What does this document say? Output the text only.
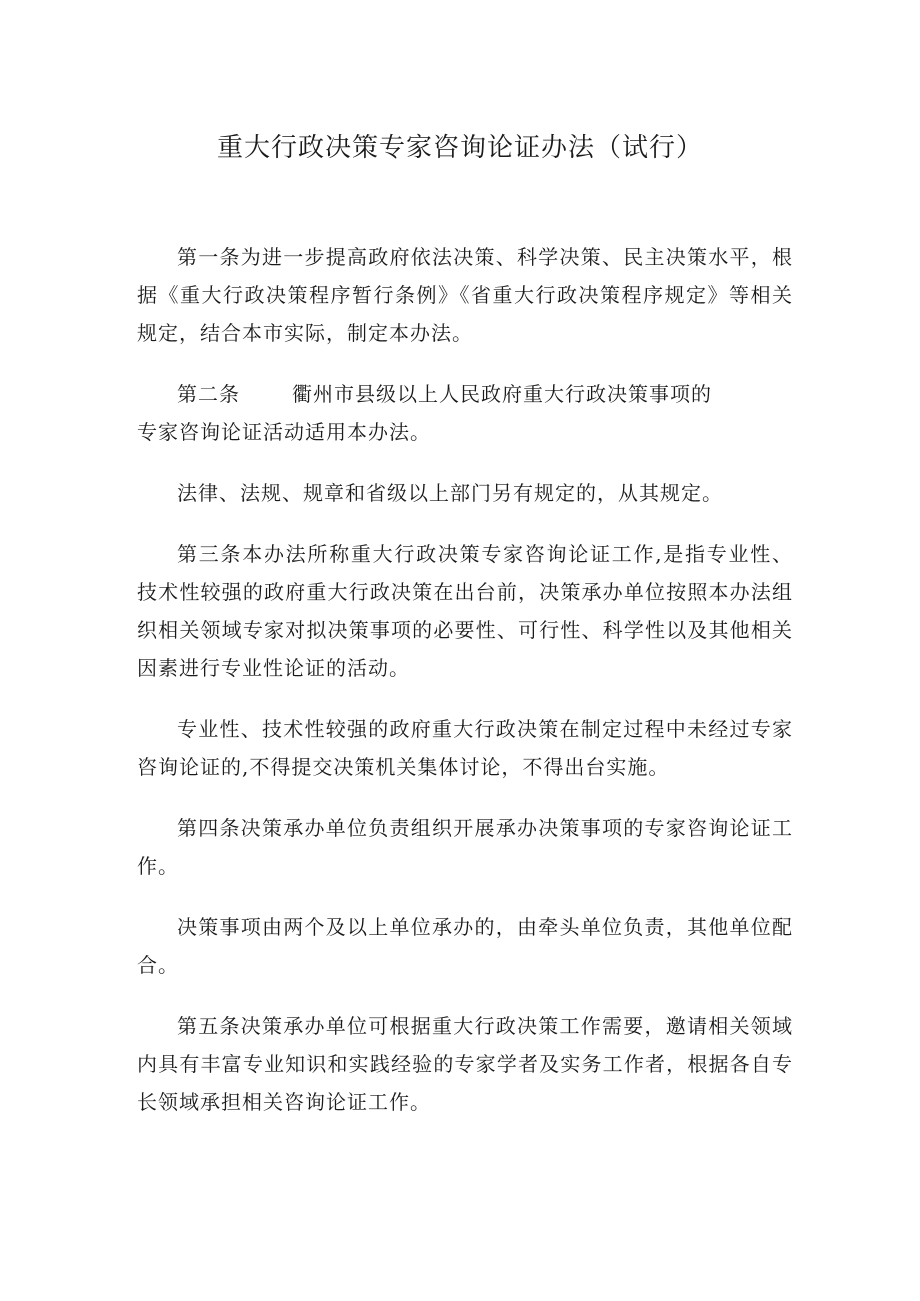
重大行政决策专家咨询论证办法（试行）

第一条为进一步提高政府依法决策、科学决策、民主决策水平，根据《重大行政决策程序暂行条例》《省重大行政决策程序规定》等相关规定，结合本市实际，制定本办法。

第二条	衢州市县级以上人民政府重大行政决策事项的
专家咨询论证活动适用本办法。

法律、法规、规章和省级以上部门另有规定的，从其规定。

第三条本办法所称重大行政决策专家咨询论证工作,是指专业性、技术性较强的政府重大行政决策在出台前，决策承办单位按照本办法组织相关领域专家对拟决策事项的必要性、可行性、科学性以及其他相关因素进行专业性论证的活动。

专业性、技术性较强的政府重大行政决策在制定过程中未经过专家咨询论证的,不得提交决策机关集体讨论，不得出台实施。

第四条决策承办单位负责组织开展承办决策事项的专家咨询论证工作。

决策事项由两个及以上单位承办的，由牵头单位负责，其他单位配合。

第五条决策承办单位可根据重大行政决策工作需要，邀请相关领域内具有丰富专业知识和实践经验的专家学者及实务工作者，根据各自专长领域承担相关咨询论证工作。
